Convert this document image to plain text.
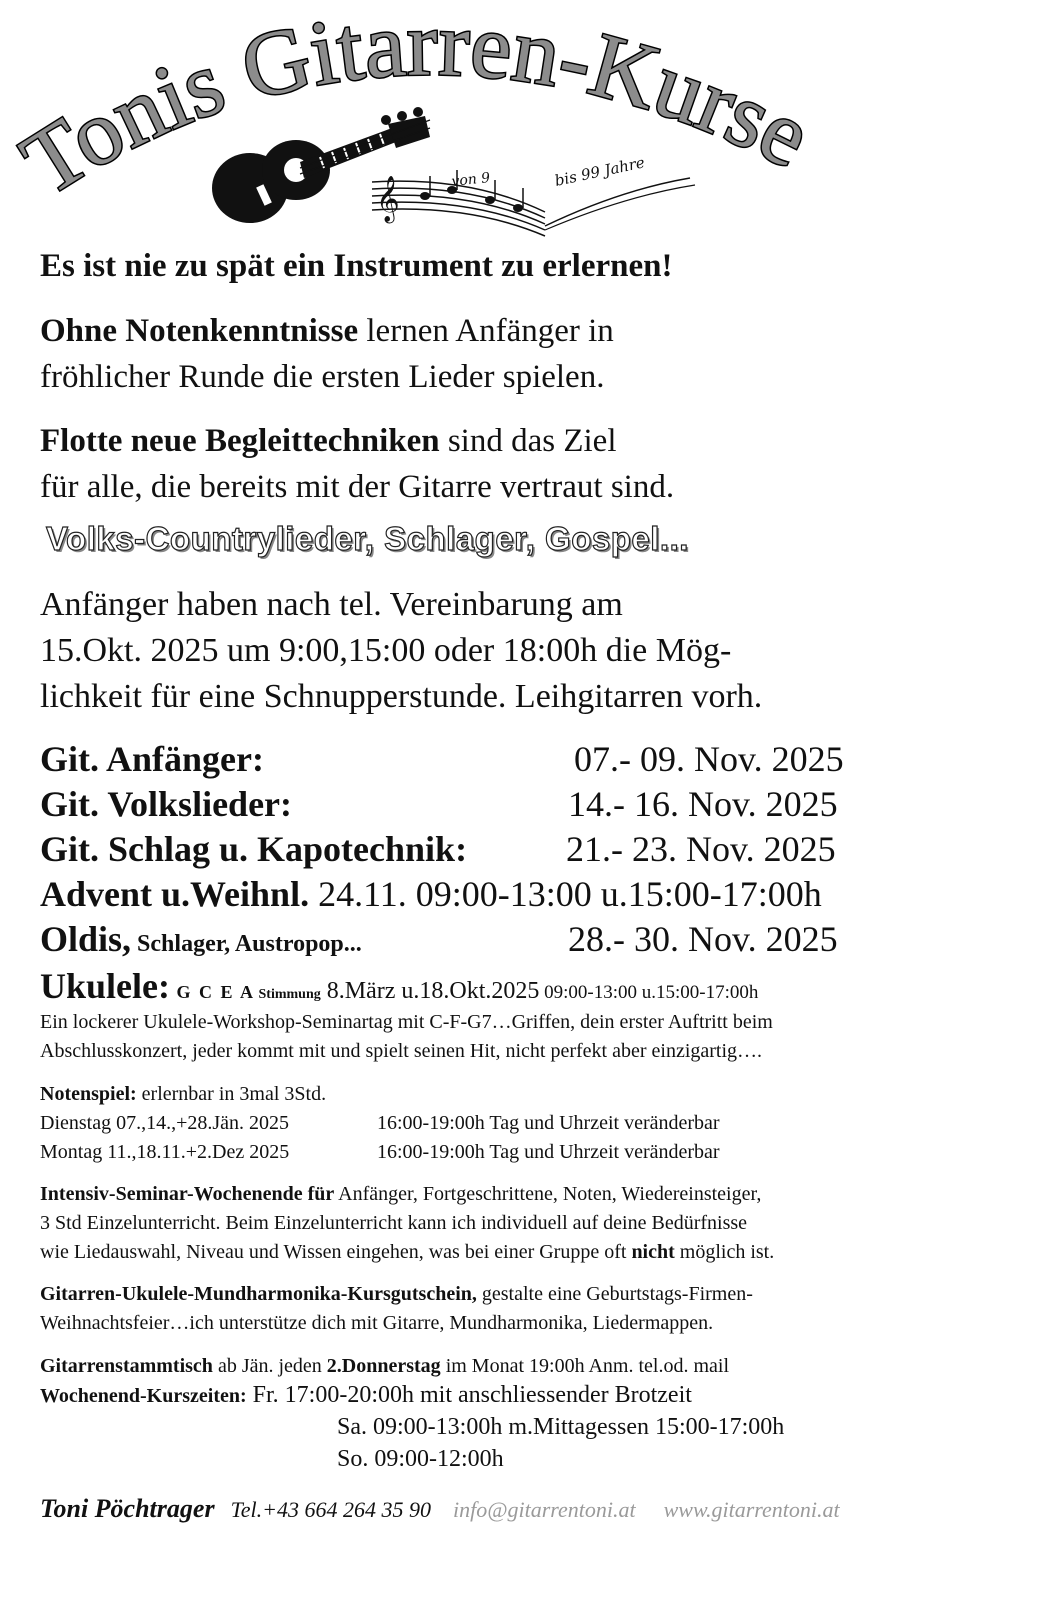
Tonis Gitarren-Kurse
𝄞	von 9	bis 99 Jahre
Es ist nie zu spät ein Instrument zu erlernen!
Ohne Notenkenntnisse lernen Anfänger in
fröhlicher Runde die ersten Lieder spielen.
Flotte neue Begleittechniken sind das Ziel
für alle, die bereits mit der Gitarre vertraut sind.
Volks-Countrylieder, Schlager, Gospel...
Anfänger haben nach tel. Vereinbarung am
15.Okt. 2025 um 9:00,15:00 oder 18:00h die Mög-
lichkeit für eine Schnupperstunde. Leihgitarren vorh.
Git. Anfänger:	07.- 09. Nov. 2025
Git. Volkslieder:	14.- 16. Nov. 2025
Git. Schlag u. Kapotechnik:	21.- 23. Nov. 2025
Advent u.Weihnl. 24.11. 09:00-13:00 u.15:00-17:00h
Oldis, Schlager, Austropop...	28.- 30. Nov. 2025
Ukulele: G C E A Stimmung 8.März u.18.Okt.2025 09:00-13:00 u.15:00-17:00h
Ein lockerer Ukulele-Workshop-Seminartag mit C-F-G7…Griffen, dein erster Auftritt beim
Abschlusskonzert, jeder kommt mit und spielt seinen Hit, nicht perfekt aber einzigartig….
Notenspiel: erlernbar in 3mal 3Std.
Dienstag 07.,14.,+28.Jän. 2025	16:00-19:00h Tag und Uhrzeit veränderbar
Montag 11.,18.11.+2.Dez 2025	16:00-19:00h Tag und Uhrzeit veränderbar
Intensiv-Seminar-Wochenende für Anfänger, Fortgeschrittene, Noten, Wiedereinsteiger,
3 Std Einzelunterricht. Beim Einzelunterricht kann ich individuell auf deine Bedürfnisse
wie Liedauswahl, Niveau und Wissen eingehen, was bei einer Gruppe oft nicht möglich ist.
Gitarren-Ukulele-Mundharmonika-Kursgutschein, gestalte eine Geburtstags-Firmen-
Weihnachtsfeier…ich unterstütze dich mit Gitarre, Mundharmonika, Liedermappen.
Gitarrenstammtisch ab Jän. jeden 2.Donnerstag im Monat 19:00h Anm. tel.od. mail
Wochenend-Kurszeiten: Fr. 17:00-20:00h mit anschliessender Brotzeit
Sa. 09:00-13:00h m.Mittagessen 15:00-17:00h
So. 09:00-12:00h
Toni Pöchtrager Tel.+43 664 264 35 90 info@gitarrentoni.at www.gitarrentoni.at
